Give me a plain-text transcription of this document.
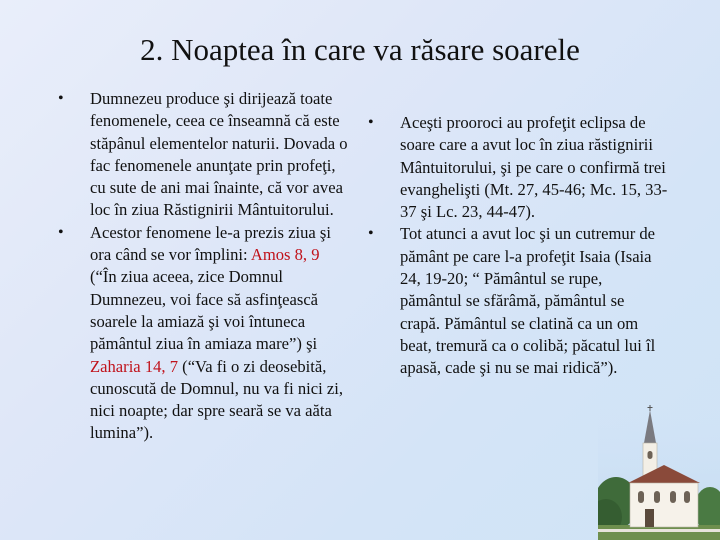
2. Noaptea în care va răsare soarele
• Dumnezeu produce şi dirijează toate fenomenele, ceea ce înseamnă că este stăpânul elementelor naturii. Dovada o fac fenomenele anunţate prin profeţi, cu sute de ani mai înainte, că vor avea loc în ziua Răstignirii Mântuitorului.
• Acestor fenomene le-a prezis ziua şi ora când se vor împlini: Amos 8, 9 (“În ziua aceea, zice Domnul Dumnezeu, voi face să asfinţească soarele la amiază şi voi întuneca pământul ziua în amiaza mare”) şi Zaharia 14, 7 (“Va fi o zi deosebită, cunoscută de Domnul, nu va fi nici zi, nici noapte; dar spre seară se va aăta lumina”).
• Aceşti prooroci au profeţit eclipsa de soare care a avut loc în ziua răstignirii Mântuitorului, şi pe care o confirmă trei evanghelişti (Mt. 27, 45-46; Mc. 15, 33-37 şi Lc. 23, 44-47).
• Tot atunci a avut loc şi un cutremur de pământ pe care l-a profeţit Isaia (Isaia 24, 19-20; “ Pământul se rupe, pământul se sfărâmă, pământul se crapă. Pământul se clatină ca un om beat, tremură ca o colibă; păcatul lui îl apasă, cade şi nu se mai ridică”).
